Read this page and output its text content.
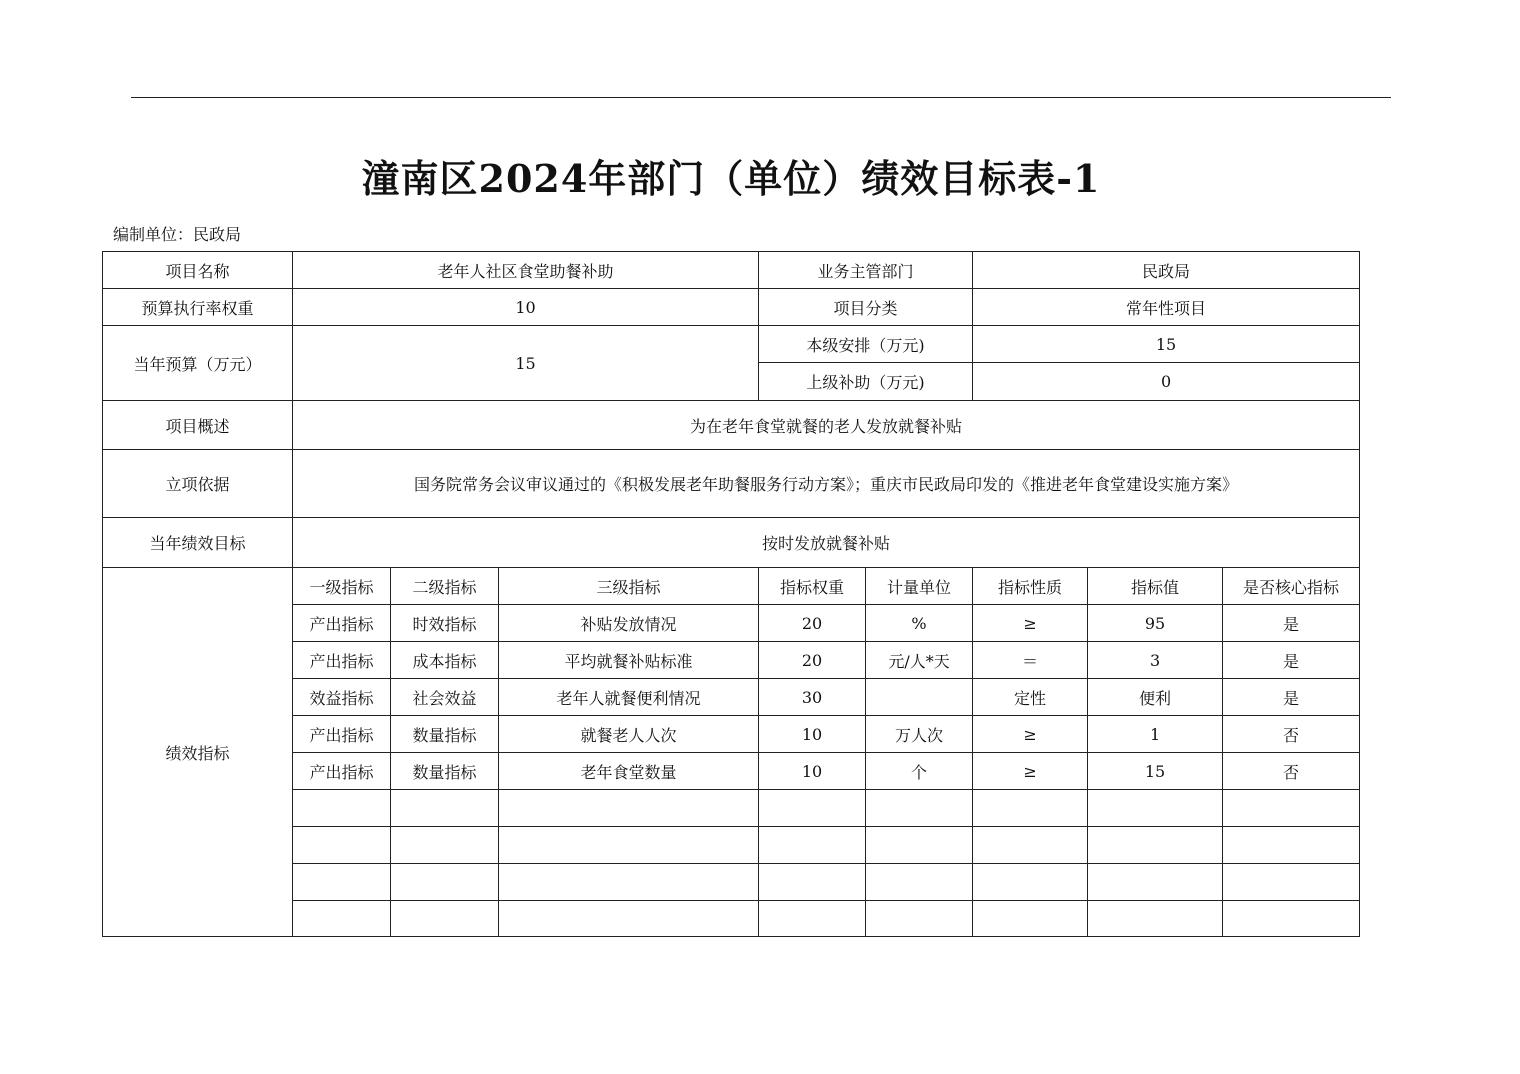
潼南区2024年部门（单位）绩效目标表-1
编制单位：民政局
项目名称	老年人社区食堂助餐补助			业务主管部门		民政局		
预算执行率权重	10			项目分类		常年性项目		
当年预算（万元）	15			本级安排（万元)		15		
				上级补助（万元)		0		
项目概述	为在老年食堂就餐的老人发放就餐补贴							
立项依据	国务院常务会议审议通过的《积极发展老年助餐服务行动方案》；重庆市民政局印发的《推进老年食堂建设实施方案》							
当年绩效目标	按时发放就餐补贴							
绩效指标	一级指标	二级指标	三级指标	指标权重	计量单位	指标性质	指标值	是否核心指标
	产出指标	时效指标	补贴发放情况	20	%	≥	95	是
	产出指标	成本指标	平均就餐补贴标准	20	元/人*天	＝	3	是
	效益指标	社会效益	老年人就餐便利情况	30		定性	便利	是
	产出指标	数量指标	就餐老人人次	10	万人次	≥	1	否
	产出指标	数量指标	老年食堂数量	10	个	≥	15	否
